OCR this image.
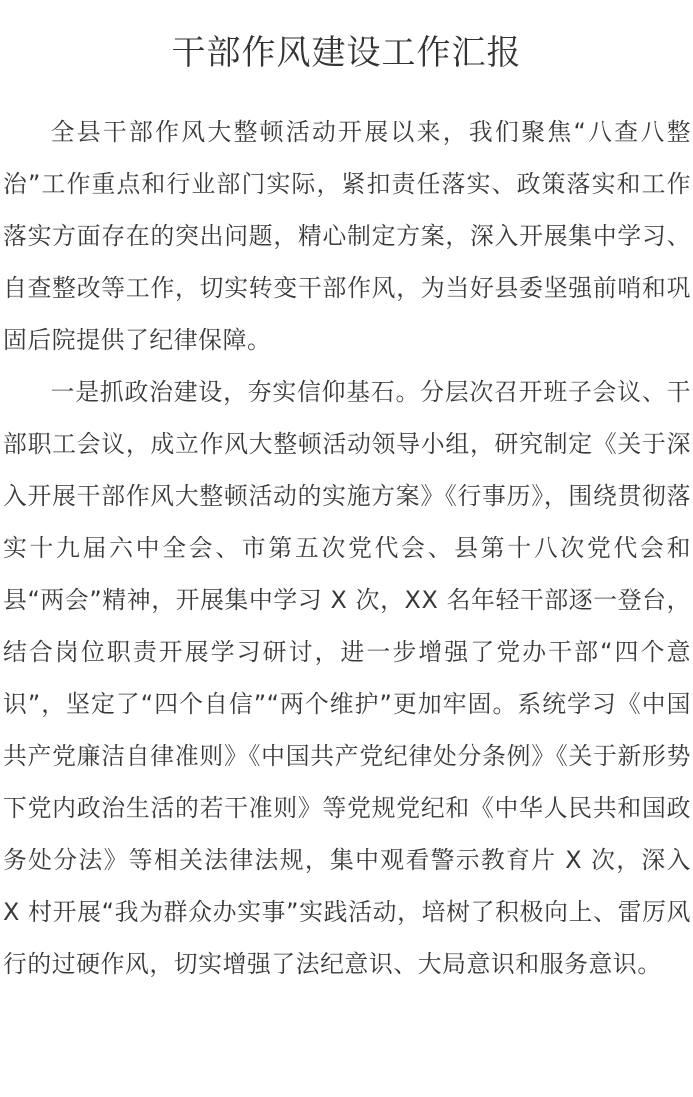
干部作风建设工作汇报

全县干部作风大整顿活动开展以来，我们聚焦“八查八整治”工作重点和行业部门实际，紧扣责任落实、政策落实和工作落实方面存在的突出问题，精心制定方案，深入开展集中学习、自查整改等工作，切实转变干部作风，为当好县委坚强前哨和巩固后院提供了纪律保障。

一是抓政治建设，夯实信仰基石。分层次召开班子会议、干部职工会议，成立作风大整顿活动领导小组，研究制定《关于深入开展干部作风大整顿活动的实施方案》《行事历》，围绕贯彻落实十九届六中全会、市第五次党代会、县第十八次党代会和县“两会”精神，开展集中学习 X 次，XX 名年轻干部逐一登台，结合岗位职责开展学习研讨，进一步增强了党办干部“四个意识”，坚定了“四个自信”“两个维护”更加牢固。系统学习《中国共产党廉洁自律准则》《中国共产党纪律处分条例》《关于新形势下党内政治生活的若干准则》等党规党纪和《中华人民共和国政务处分法》等相关法律法规，集中观看警示教育片 X 次，深入 X 村开展“我为群众办实事”实践活动，培树了积极向上、雷厉风行的过硬作风，切实增强了法纪意识、大局意识和服务意识。
